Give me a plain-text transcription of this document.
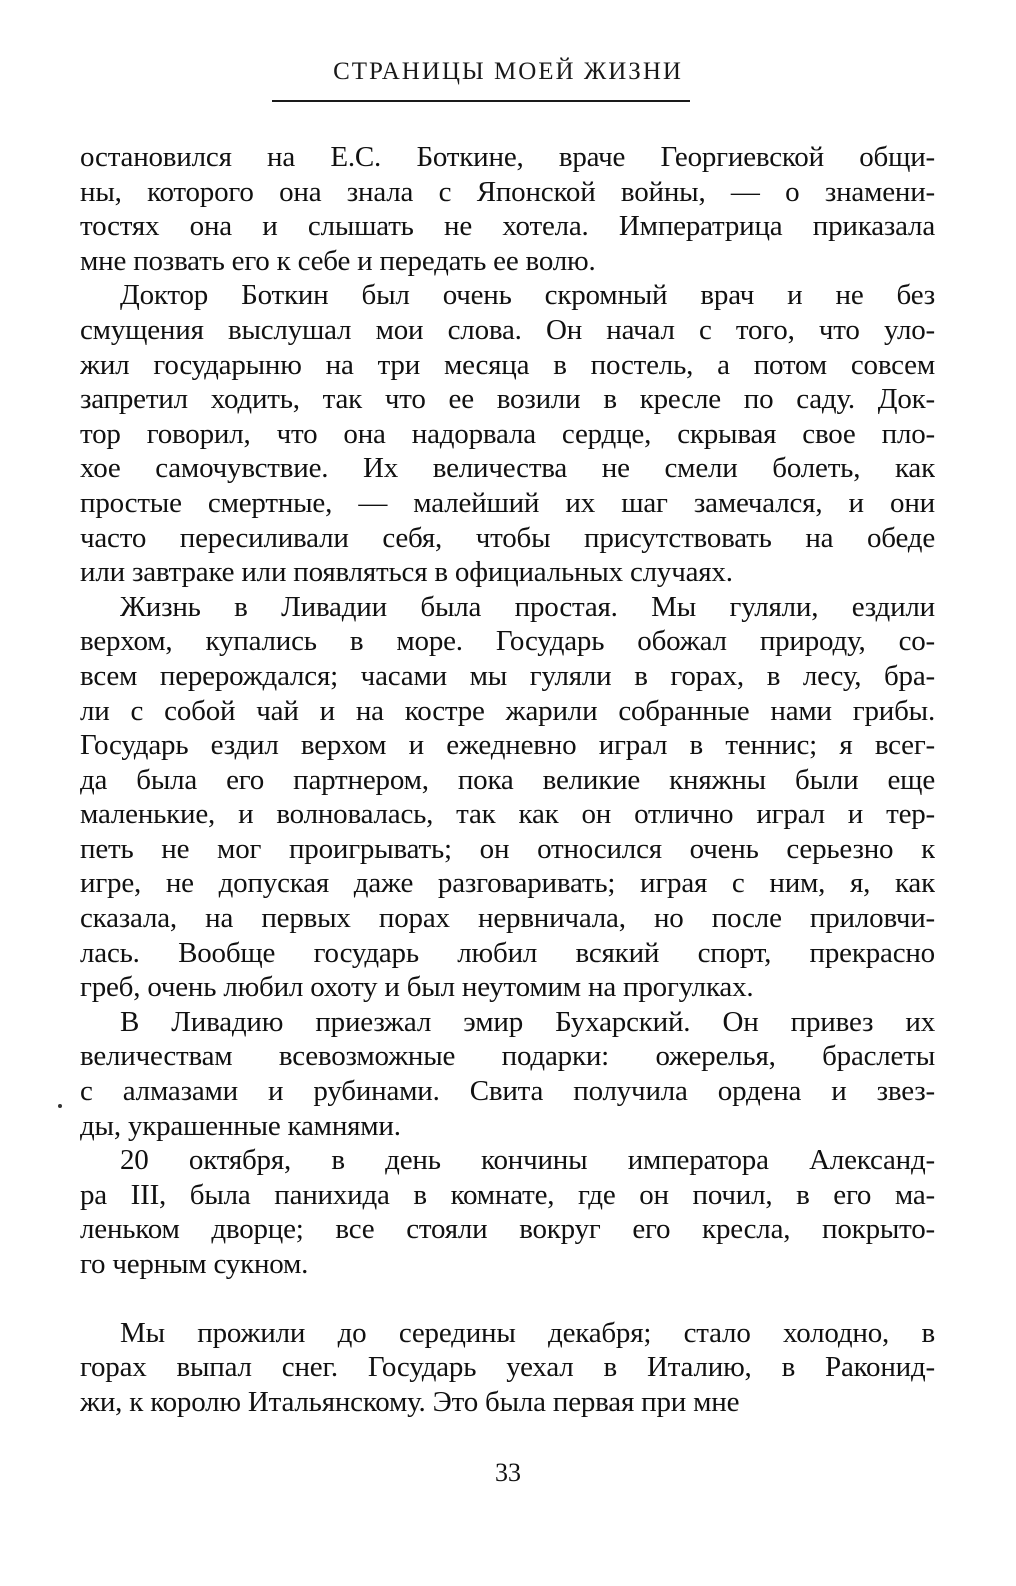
СТРАНИЦЫ МОЕЙ ЖИЗНИ
остановился на Е.С. Боткине, враче Георгиевской общи-
ны, которого она знала с Японской войны, — о знамени-
тостях она и слышать не хотела. Императрица приказала
мне позвать его к себе и передать ее волю.
Доктор Боткин был очень скромный врач и не без
смущения выслушал мои слова. Он начал с того, что уло-
жил государыню на три месяца в постель, а потом совсем
запретил ходить, так что ее возили в кресле по саду. Док-
тор говорил, что она надорвала сердце, скрывая свое пло-
хое самочувствие. Их величества не смели болеть, как
простые смертные, — малейший их шаг замечался, и они
часто пересиливали себя, чтобы присутствовать на обеде
или завтраке или появляться в официальных случаях.
Жизнь в Ливадии была простая. Мы гуляли, ездили
верхом, купались в море. Государь обожал природу, со-
всем перерождался; часами мы гуляли в горах, в лесу, бра-
ли с собой чай и на костре жарили собранные нами грибы.
Государь ездил верхом и ежедневно играл в теннис; я всег-
да была его партнером, пока великие княжны были еще
маленькие, и волновалась, так как он отлично играл и тер-
петь не мог проигрывать; он относился очень серьезно к
игре, не допуская даже разговаривать; играя с ним, я, как
сказала, на первых порах нервничала, но после приловчи-
лась. Вообще государь любил всякий спорт, прекрасно
греб, очень любил охоту и был неутомим на прогулках.
В Ливадию приезжал эмир Бухарский. Он привез их
величествам всевозможные подарки: ожерелья, браслеты
с алмазами и рубинами. Свита получила ордена и звез-
ды, украшенные камнями.
20 октября, в день кончины императора Александ-
ра III, была панихида в комнате, где он почил, в его ма-
леньком дворце; все стояли вокруг его кресла, покрыто-
го черным сукном.
Мы прожили до середины декабря; стало холодно, в
горах выпал снег. Государь уехал в Италию, в Раконид-
жи, к королю Итальянскому. Это была первая при мне
33
